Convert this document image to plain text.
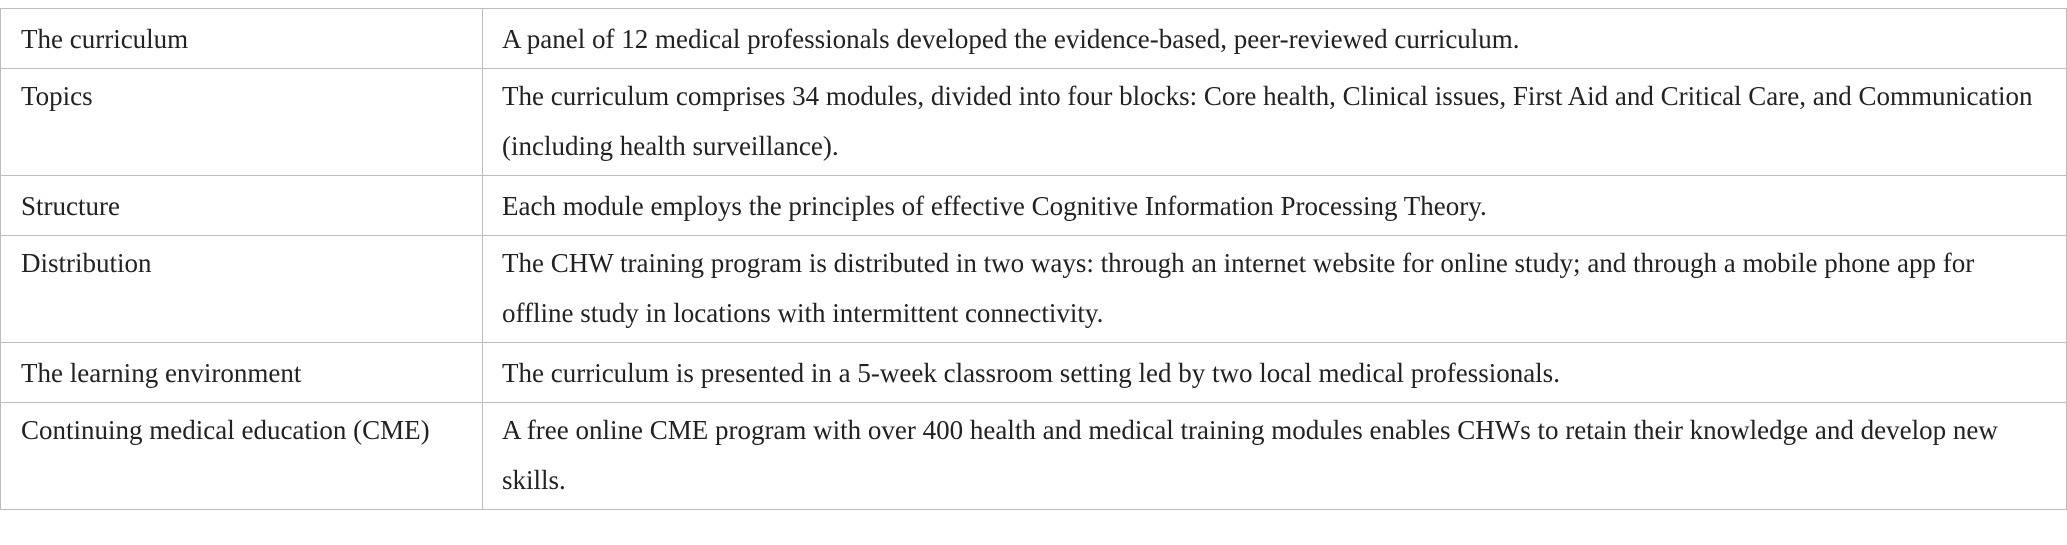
The curriculum	A panel of 12 medical professionals developed the evidence-based, peer-reviewed curriculum.
Topics	The curriculum comprises 34 modules, divided into four blocks: Core health, Clinical issues, First Aid and Critical Care, and Communication (including health surveillance).
Structure	Each module employs the principles of effective Cognitive Information Processing Theory.
Distribution	The CHW training program is distributed in two ways: through an internet website for online study; and through a mobile phone app for offline study in locations with intermittent connectivity.
The learning environment	The curriculum is presented in a 5-week classroom setting led by two local medical professionals.
Continuing medical education (CME)	A free online CME program with over 400 health and medical training modules enables CHWs to retain their knowledge and develop new skills.
